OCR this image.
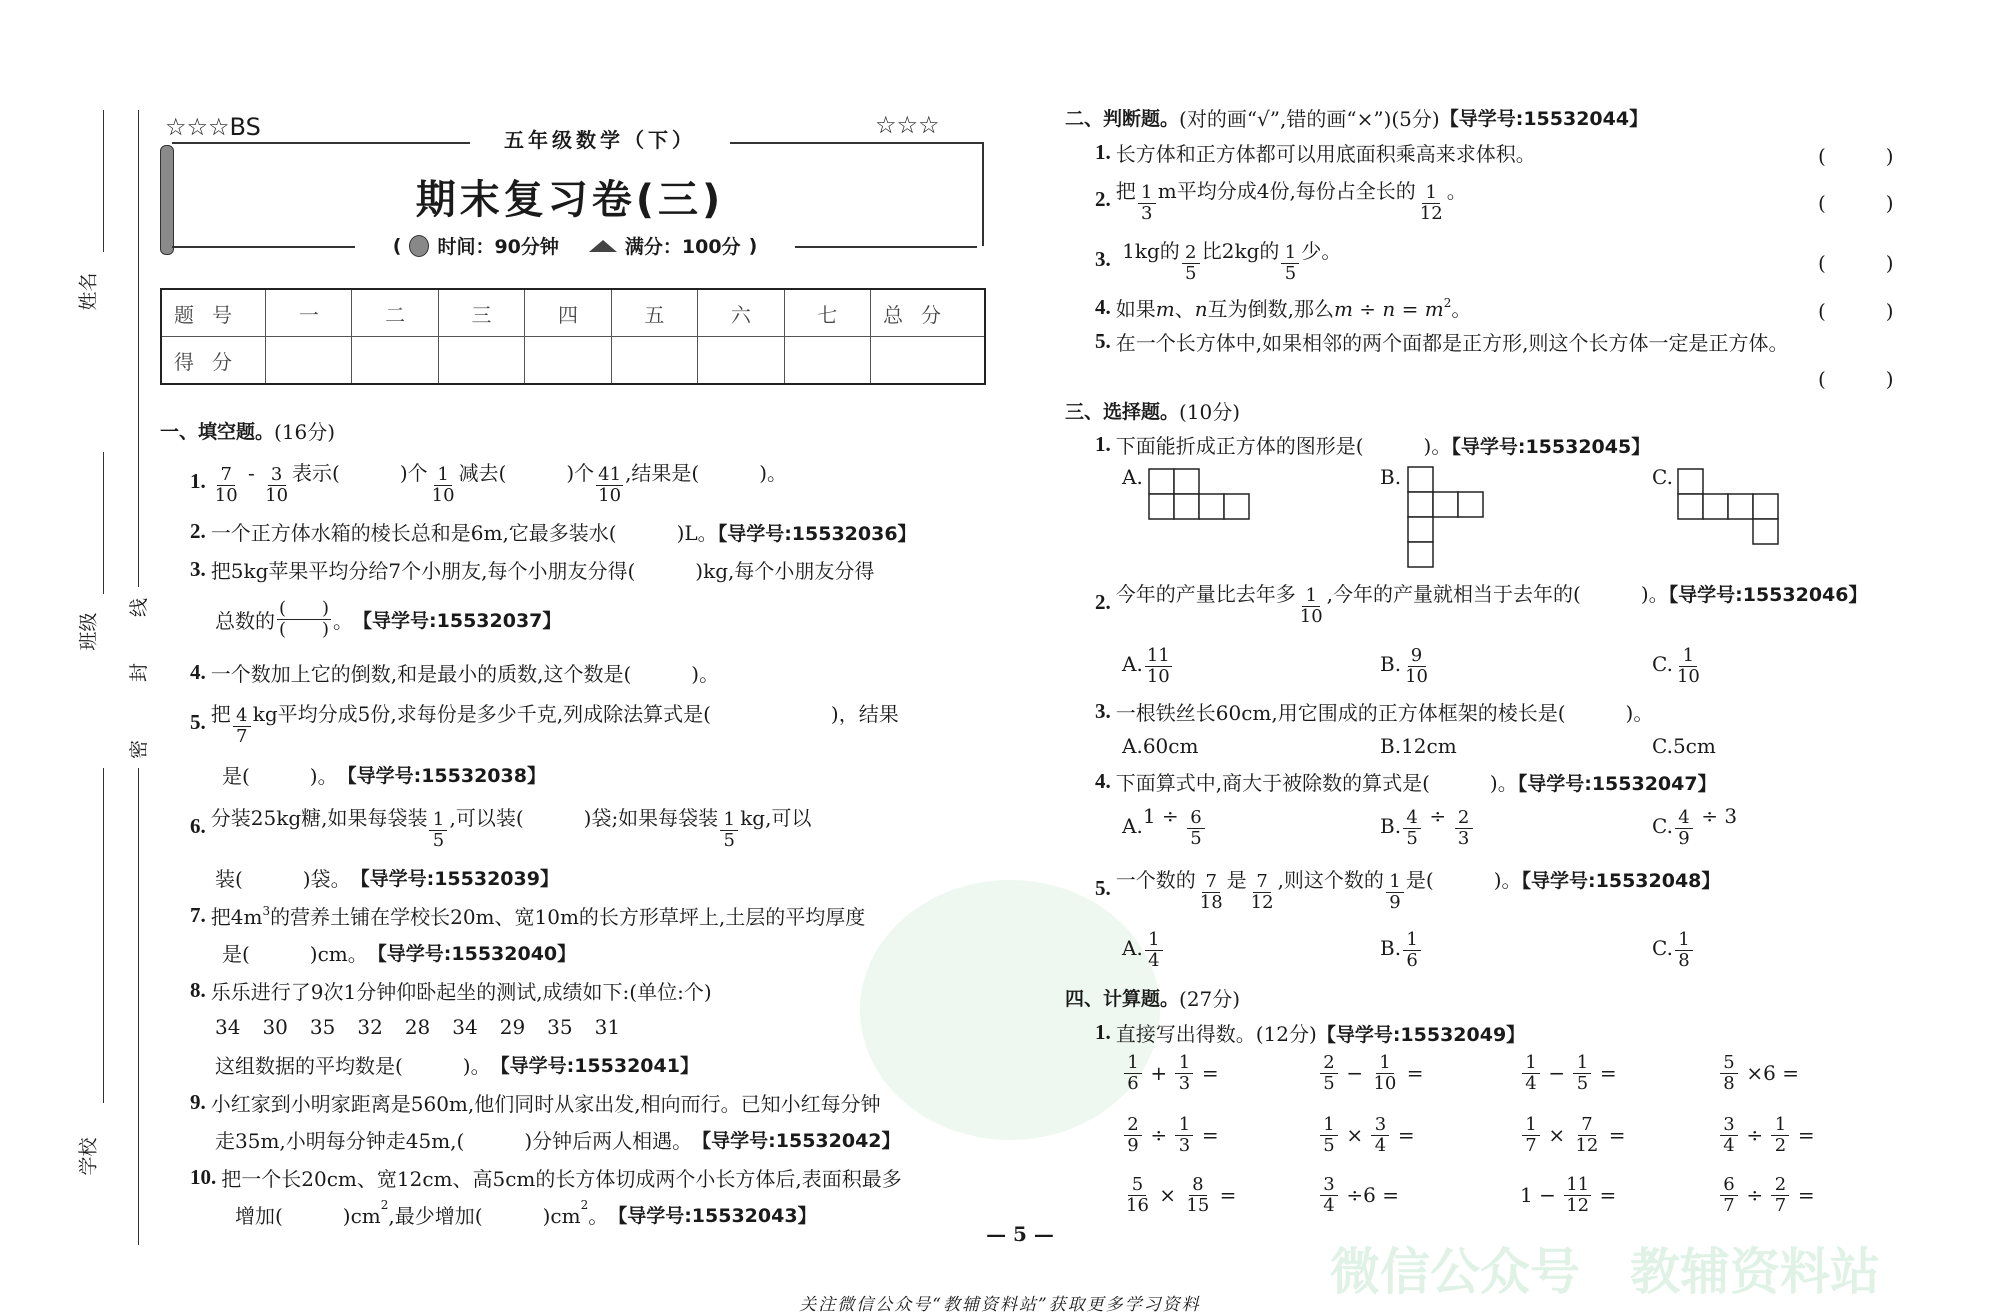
微信公众号 教辅资料站
姓名
班级
学校
线
封
密
☆☆☆BS	☆☆☆
五年级数学（下）
期末复习卷(三)
( 时间：90分钟	满分：100分 )
题号	一	二	三	四	五	六	七	总分
得分								
一、填空题。 (16分)
1. $\frac{7}{10} - \frac{3}{10}$ 表示(　　　)个 $\frac{1}{10}$ 减去(　　　)个 $\frac{41}{10}$ ,结果是(　　　)。
2. 一个正方体水箱的棱长总和是6m,它最多装水(　　　)L。【导学号:15532036】
3. 把5kg苹果平均分给7个小朋友,每个小朋友分得(　　　)kg,每个小朋友分得
总数的 $\frac{( )}{( )}$ 。 【导学号:15532037】
4. 一个数加上它的倒数,和是最小的质数,这个数是(　　　)。
5. 把 $\frac{4}{7}$ kg平均分成5份,求每份是多少千克,列成除法算式是(　　　　　　)，结果
是(　　　)。 【导学号:15532038】
6. 分装25kg糖,如果每袋装 $\frac{1}{5}$ ,可以装(　　　)袋;如果每袋装 $\frac{1}{5}$ kg,可以
装(　　　)袋。 【导学号:15532039】
7. 把$4m^3$的营养土铺在学校长20m、宽10m的长方形草坪上,土层的平均厚度
是(　　　)cm。 【导学号:15532040】
8. 乐乐进行了9次1分钟仰卧起坐的测试,成绩如下:(单位:个)
34 30 35 32 28 34 29 35 31
这组数据的平均数是(　　　)。 【导学号:15532041】
9. 小红家到小明家距离是560m,他们同时从家出发,相向而行。已知小红每分钟
走35m,小明每分钟走45m,(　　　)分钟后两人相遇。 【导学号:15532042】
10. 把一个长20cm、宽12cm、高5cm的长方体切成两个小长方体后,表面积最多
增加(　　　)cm 2 ,最少增加(　　　)cm 2 。 【导学号:15532043】
二、判断题。 (对的画“√”,错的画“×”)(5分) 【导学号:15532044】
1. 长方体和正方体都可以用底面积乘高来求体积。	(　　　)
2. 把 $\frac{1}{3}$ m平均分成4份,每份占全长的 $\frac{1}{12}$ 。	(　　　)
3. 1kg的 $\frac{2}{5}$ 比2kg的 $\frac{1}{5}$ 少。	(　　　)
4. 如果m、n互为倒数,那么$m \div n = m^2$。	(　　　)
5. 在一个长方体中,如果相邻的两个面都是正方形,则这个长方体一定是正方体。
(　　　)
三、选择题。 (10分)
1. 下面能折成正方体的图形是(　　　)。【导学号:15532045】
A.	B.	C.
2. 今年的产量比去年多 $\frac{1}{10}$ ,今年的产量就相当于去年的(　　　)。【导学号:15532046】
A. $\frac{11}{10}$	B. $\frac{9}{10}$	C. $\frac{1}{10}$
3. 一根铁丝长60cm,用它围成的正方体框架的棱长是(　　　)。
A. 60cm	B. 12cm	C. 5cm
4. 下面算式中,商大于被除数的算式是(　　　)。【导学号:15532047】
A. $1 \div \frac{6}{5}$	B. $\frac{4}{5} \div \frac{2}{3}$	C. $\frac{4}{9} \div 3$
5. 一个数的 $\frac{7}{18}$ 是 $\frac{7}{12}$ ,则这个数的 $\frac{1}{9}$ 是(　　　)。【导学号:15532048】
A. $\frac{1}{4}$	B. $\frac{1}{6}$	C. $\frac{1}{8}$
四、计算题。 (27分)
1. 直接写出得数。(12分)【导学号:15532049】
$\frac{1}{6} + \frac{1}{3}$ =	$\frac{2}{5} - \frac{1}{10}$ =	$\frac{1}{4} - \frac{1}{5}$ =	$\frac{5}{8} \times 6$ =
$\frac{2}{9} \div \frac{1}{3}$ =	$\frac{1}{5} \times \frac{3}{4}$ =	$\frac{1}{7} \times \frac{7}{12}$ =	$\frac{3}{4} \div \frac{1}{2}$ =
$\frac{5}{16} \times \frac{8}{15}$ =	$\frac{3}{4} \div 6$ =	$1 - \frac{11}{12}$ =	$\frac{6}{7} \div \frac{2}{7}$ =
— 5 —
关注微信公众号“教辅资料站”获取更多学习资料
